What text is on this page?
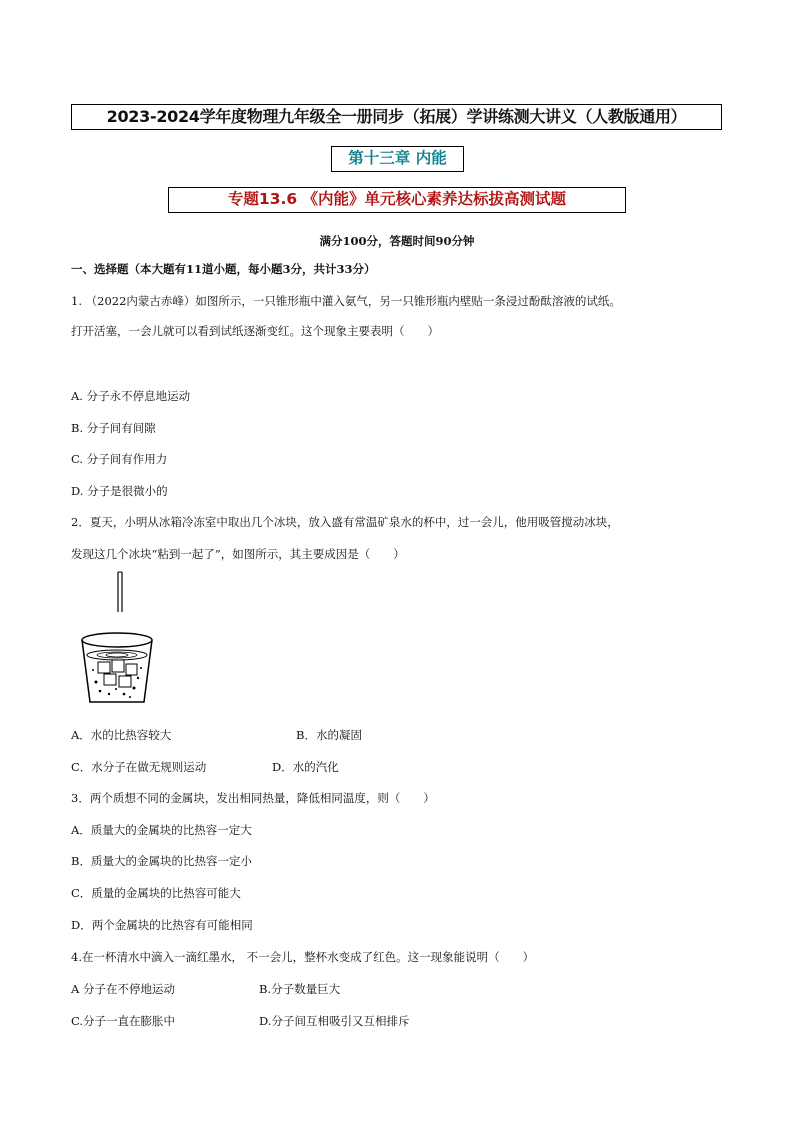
2023-2024学年度物理九年级全一册同步（拓展）学讲练测大讲义（人教版通用）
第十三章 内能
专题13.6 《内能》单元核心素养达标拔高测试题
满分100分，答题时间90分钟
一、选择题（本大题有11道小题，每小题3分，共计33分）
1. （2022内蒙古赤峰）如图所示，一只锥形瓶中灌入氨气，另一只锥形瓶内壁贴一条浸过酚酞溶液的试纸。
打开活塞，一会儿就可以看到试纸逐渐变红。这个现象主要表明（　　）
A. 分子永不停息地运动
B. 分子间有间隙
C. 分子间有作用力
D. 分子是很微小的
2．夏天，小明从冰箱冷冻室中取出几个冰块，放入盛有常温矿泉水的杯中，过一会儿，他用吸管搅动冰块，
发现这几个冰块“粘到一起了”，如图所示，其主要成因是（　　）
A．水的比热容较大	B．水的凝固
C．水分子在做无规则运动	D．水的汽化
3．两个质想不同的金属块，发出相同热量，降低相同温度，则（　　）
A．质量大的金属块的比热容一定大
B．质量大的金属块的比热容一定小
C．质量的金属块的比热容可能大
D．两个金属块的比热容有可能相同
4.在一杯清水中滴入一滴红墨水， 不一会儿，整杯水变成了红色。这一现象能说明（　　）
A 分子在不停地运动	B.分子数量巨大
C.分子一直在膨胀中	D.分子间互相吸引又互相排斥
